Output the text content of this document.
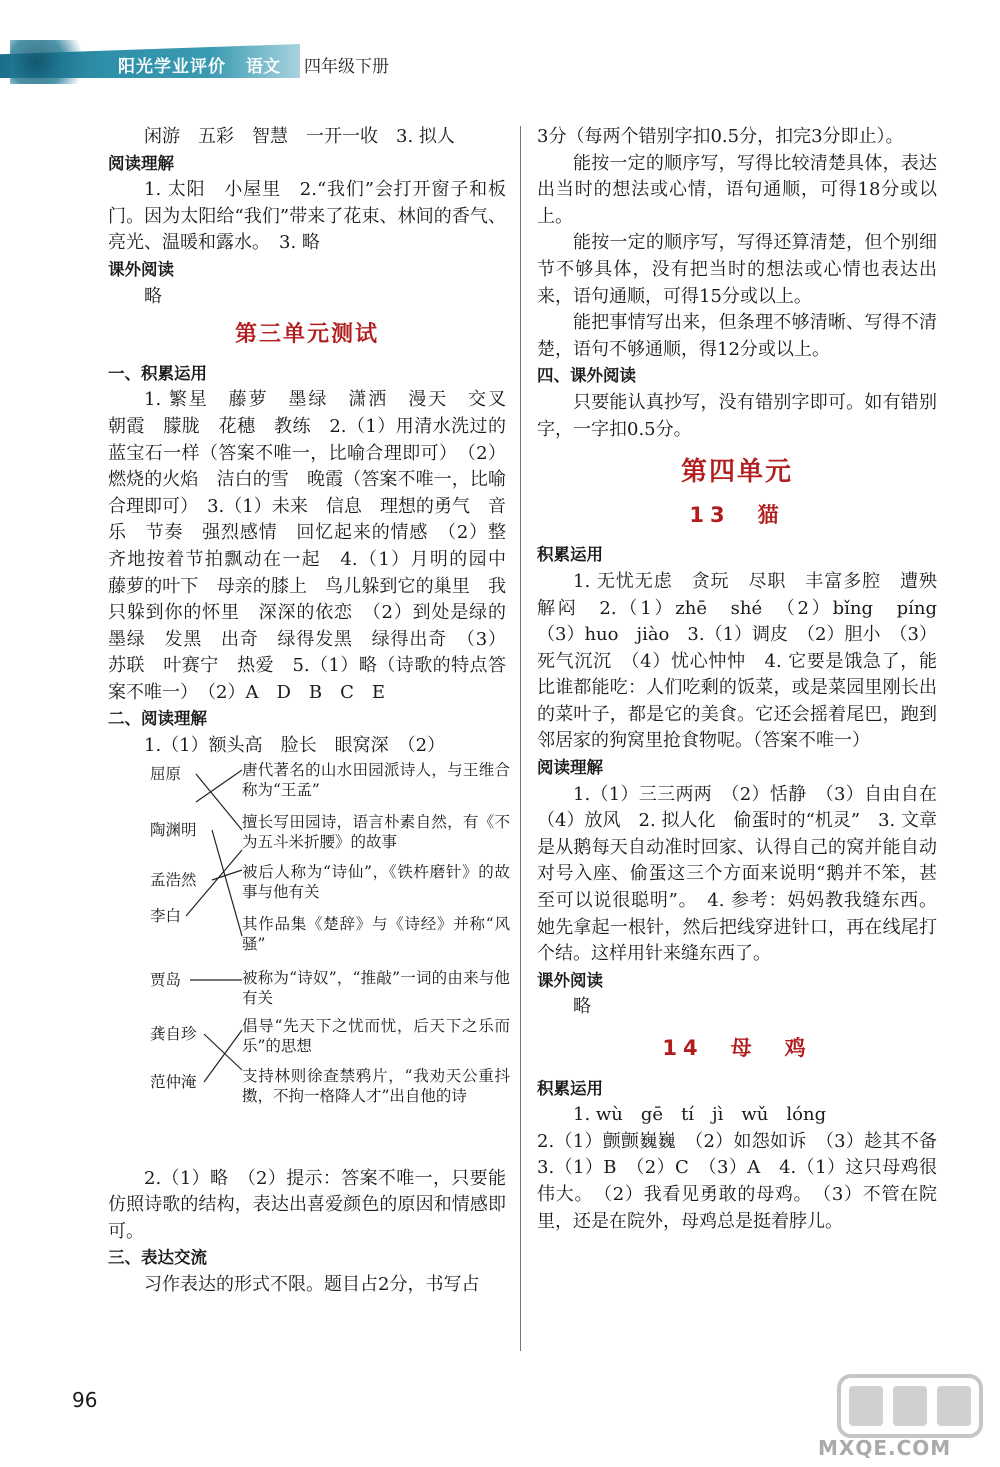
阳光学业评价 语文 四年级下册
闲游　五彩　智慧　一开一收　3. 拟人
阅读理解
1. 太阳　小屋里　2.“我们”会打开窗子和板门。因为太阳给“我们”带来了花束、林间的香气、亮光、温暖和露水。　3. 略
课外阅读
略
第三单元测试
一、积累运用
1. 繁星　藤萝　墨绿　潇洒　漫天　交叉　朝霞　朦胧　花穗　教练　2.（1）用清水洗过的蓝宝石一样（答案不唯一，比喻合理即可）　（2）燃烧的火焰　洁白的雪　晚霞（答案不唯一，比喻合理即可）　3.（1）未来　信息　理想的勇气　音乐　节奏　强烈感情　回忆起来的情感　（2）整齐地按着节拍飘动在一起　4.（1）月明的园中　藤萝的叶下　母亲的膝上　鸟儿躲到它的巢里　我只躲到你的怀里　深深的依恋　（2）到处是绿的　墨绿　发黑　出奇　绿得发黑　绿得出奇　（3）苏联　叶赛宁　热爱　5.（1）略（诗歌的特点答案不唯一）　（2）A　D　B　C　E
二、阅读理解
1.（1）额头高　脸长　眼窝深　（2）
屈原
陶渊明
孟浩然
李白
贾岛
龚自珍
范仲淹
唐代著名的山水田园派诗人，与王维合称为“王孟”
擅长写田园诗，语言朴素自然，有《不为五斗米折腰》的故事
被后人称为“诗仙”，《铁杵磨针》的故事与他有关
其作品集《楚辞》与《诗经》并称“风骚”
被称为“诗奴”，“推敲”一词的由来与他有关
倡导“先天下之忧而忧，后天下之乐而乐”的思想
支持林则徐查禁鸦片，“我劝天公重抖擞，不拘一格降人才”出自他的诗
2.（1）略　（2）提示：答案不唯一，只要能仿照诗歌的结构，表达出喜爱颜色的原因和情感即可。
三、表达交流
习作表达的形式不限。题目占2分，书写占
3分（每两个错别字扣0.5分，扣完3分即止）。
能按一定的顺序写，写得比较清楚具体，表达出当时的想法或心情，语句通顺，可得18分或以上。
能按一定的顺序写，写得还算清楚，但个别细节不够具体，没有把当时的想法或心情也表达出来，语句通顺，可得15分或以上。
能把事情写出来，但条理不够清晰、写得不清楚，语句不够通顺，得12分或以上。
四、课外阅读
只要能认真抄写，没有错别字即可。如有错别字，一字扣0.5分。
第四单元
13　猫
积累运用
1. 无忧无虑　贪玩　尽职　丰富多腔　遭殃　解闷　2.（1）zhē　shé　（2）bǐng　píng　（3）huo　jiào　3.（1）调皮　（2）胆小　（3）死气沉沉　（4）忧心忡忡　4. 它要是饿急了，能比谁都能吃：人们吃剩的饭菜，或是菜园里刚长出的菜叶子，都是它的美食。它还会摇着尾巴，跑到邻居家的狗窝里抢食物呢。（答案不唯一）
阅读理解
1.（1）三三两两　（2）恬静　（3）自由自在　（4）放风　2. 拟人化　偷蛋时的“机灵”　3. 文章是从鹅每天自动准时回家、认得自己的窝并能自动对号入座、偷蛋这三个方面来说明“鹅并不笨，甚至可以说很聪明”。　4. 参考：妈妈教我缝东西。她先拿起一根针，然后把线穿进针口，再在线尾打个结。这样用针来缝东西了。
课外阅读
略
14　母　鸡
积累运用
1. wù　gē　tí　jì　wǔ　lóng
2.（1）颤颤巍巍　（2）如怨如诉　（3）趁其不备　3.（1）B　（2）C　（3）A　4.（1）这只母鸡很伟大。　（2）我看见勇敢的母鸡。　（3）不管在院里，还是在院外，母鸡总是挺着脖儿。
96
MXQE.COM
